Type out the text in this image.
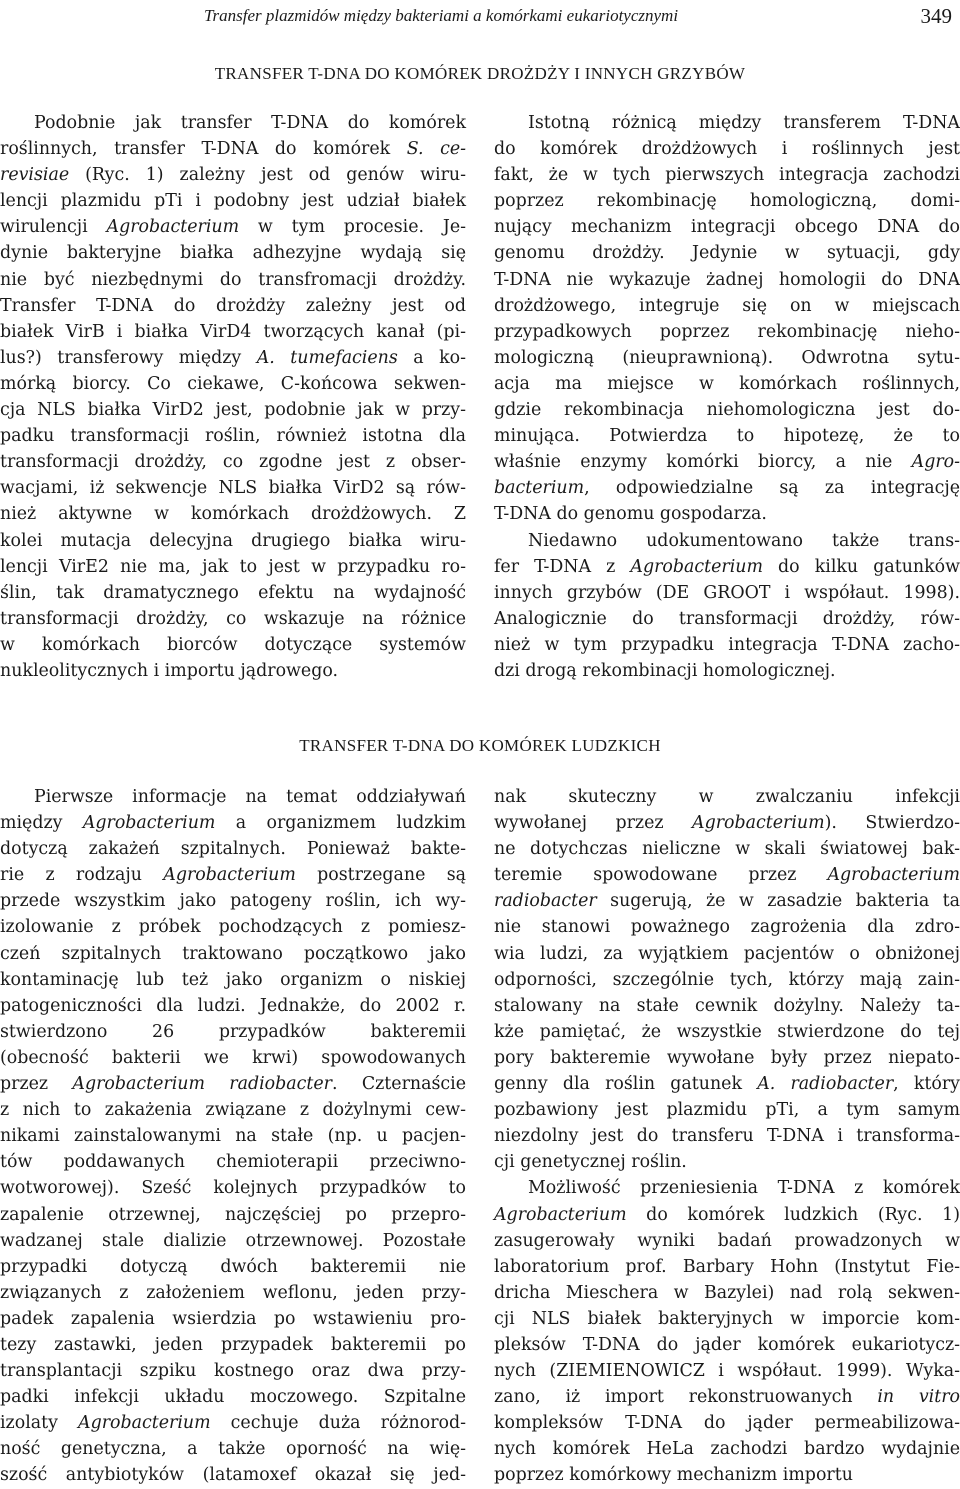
Transfer plazmidów między bakteriami a komórkami eukariotycznymi	349
TRANSFER T-DNA DO KOMÓREK DROŻDŻY I INNYCH GRZYBÓW
Podobnie jak transfer T-DNA do komórek
roślinnych, transfer T-DNA do komórek S. ce-
revisiae (Ryc. 1) zależny jest od genów wiru-
lencji plazmidu pTi i podobny jest udział białek
wirulencji Agrobacterium w tym procesie. Je-
dynie bakteryjne białka adhezyjne wydają się
nie być niezbędnymi do transfromacji drożdży.
Transfer T-DNA do drożdży zależny jest od
białek VirB i białka VirD4 tworzących kanał (pi-
lus?) transferowy między A. tumefaciens a ko-
mórką biorcy. Co ciekawe, C-końcowa sekwen-
cja NLS białka VirD2 jest, podobnie jak w przy-
padku transformacji roślin, również istotna dla
transformacji drożdży, co zgodne jest z obser-
wacjami, iż sekwencje NLS białka VirD2 są rów-
nież aktywne w komórkach drożdżowych. Z
kolei mutacja delecyjna drugiego białka wiru-
lencji VirE2 nie ma, jak to jest w przypadku ro-
ślin, tak dramatycznego efektu na wydajność
transformacji drożdży, co wskazuje na różnice
w komórkach biorców dotyczące systemów
nukleolitycznych i importu jądrowego.
Istotną różnicą między transferem T-DNA
do komórek drożdżowych i roślinnych jest
fakt, że w tych pierwszych integracja zachodzi
poprzez rekombinację homologiczną, domi-
nujący mechanizm integracji obcego DNA do
genomu drożdży. Jedynie w sytuacji, gdy
T-DNA nie wykazuje żadnej homologii do DNA
drożdżowego, integruje się on w miejscach
przypadkowych poprzez rekombinację nieho-
mologiczną (nieuprawnioną). Odwrotna sytu-
acja ma miejsce w komórkach roślinnych,
gdzie rekombinacja niehomologiczna jest do-
minująca. Potwierdza to hipotezę, że to
właśnie enzymy komórki biorcy, a nie Agro-
bacterium, odpowiedzialne są za integrację
T-DNA do genomu gospodarza.
Niedawno udokumentowano także trans-
fer T-DNA z Agrobacterium do kilku gatunków
innych grzybów (DE GROOT i współaut. 1998).
Analogicznie do transformacji drożdży, rów-
nież w tym przypadku integracja T-DNA zacho-
dzi drogą rekombinacji homologicznej.
TRANSFER T-DNA DO KOMÓREK LUDZKICH
Pierwsze informacje na temat oddziaływań
między Agrobacterium a organizmem ludzkim
dotyczą zakażeń szpitalnych. Ponieważ bakte-
rie z rodzaju Agrobacterium postrzegane są
przede wszystkim jako patogeny roślin, ich wy-
izolowanie z próbek pochodzących z pomiesz-
czeń szpitalnych traktowano początkowo jako
kontaminację lub też jako organizm o niskiej
patogeniczności dla ludzi. Jednakże, do 2002 r.
stwierdzono 26 przypadków bakteremii
(obecność bakterii we krwi) spowodowanych
przez Agrobacterium radiobacter. Czternaście
z nich to zakażenia związane z dożylnymi cew-
nikami zainstalowanymi na stałe (np. u pacjen-
tów poddawanych chemioterapii przeciwno-
wotworowej). Sześć kolejnych przypadków to
zapalenie otrzewnej, najczęściej po przepro-
wadzanej stale dializie otrzewnowej. Pozostałe
przypadki dotyczą dwóch bakteremii nie
związanych z założeniem weflonu, jeden przy-
padek zapalenia wsierdzia po wstawieniu pro-
tezy zastawki, jeden przypadek bakteremii po
transplantacji szpiku kostnego oraz dwa przy-
padki infekcji układu moczowego. Szpitalne
izolaty Agrobacterium cechuje duża różnorod-
ność genetyczna, a także oporność na wię-
szość antybiotyków (latamoxef okazał się jed-
nak skuteczny w zwalczaniu infekcji
wywołanej przez Agrobacterium). Stwierdzo-
ne dotychczas nieliczne w skali światowej bak-
teremie spowodowane przez Agrobacterium
radiobacter sugerują, że w zasadzie bakteria ta
nie stanowi poważnego zagrożenia dla zdro-
wia ludzi, za wyjątkiem pacjentów o obniżonej
odporności, szczególnie tych, którzy mają zain-
stalowany na stałe cewnik dożylny. Należy ta-
kże pamiętać, że wszystkie stwierdzone do tej
pory bakteremie wywołane były przez niepato-
genny dla roślin gatunek A. radiobacter, który
pozbawiony jest plazmidu pTi, a tym samym
niezdolny jest do transferu T-DNA i transforma-
cji genetycznej roślin.
Możliwość przeniesienia T-DNA z komórek
Agrobacterium do komórek ludzkich (Ryc. 1)
zasugerowały wyniki badań prowadzonych w
laboratorium prof. Barbary Hohn (Instytut Fie-
dricha Mieschera w Bazylei) nad rolą sekwen-
cji NLS białek bakteryjnych w imporcie kom-
pleksów T-DNA do jąder komórek eukariotycz-
nych (ZIEMIENOWICZ i współaut. 1999). Wyka-
zano, iż import rekonstruowanych in vitro
kompleksów T-DNA do jąder permeabilizowa-
nych komórek HeLa zachodzi bardzo wydajnie
poprzez komórkowy mechanizm importu
